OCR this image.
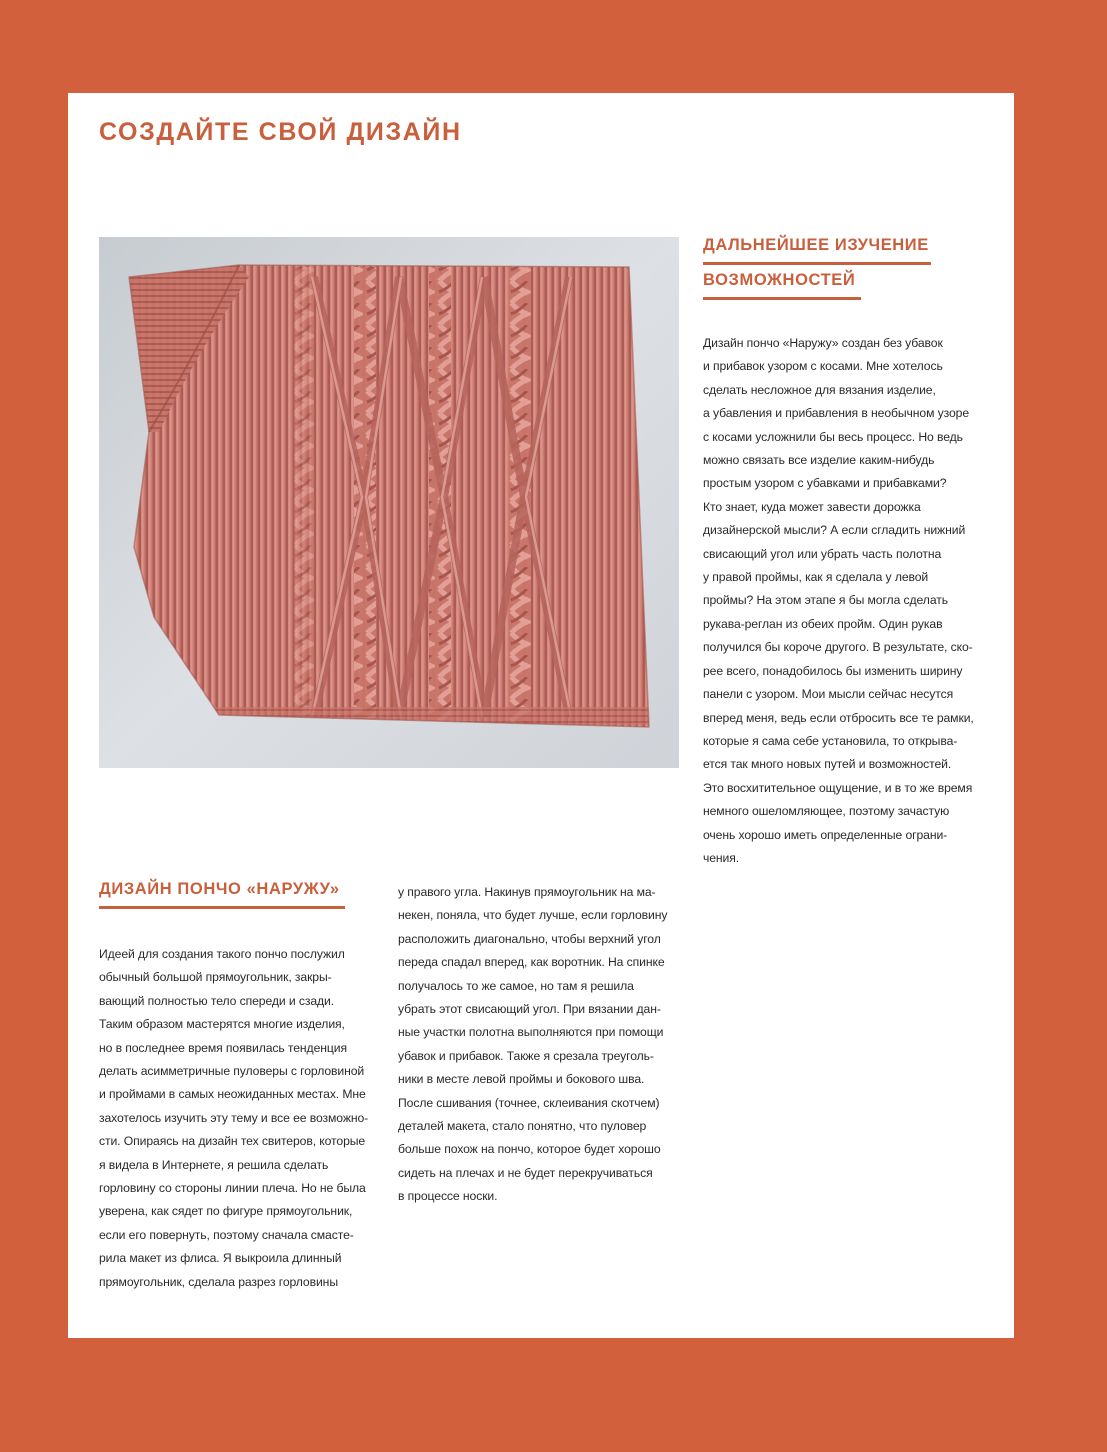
СОЗДАЙТЕ СВОЙ ДИЗАЙН
ДАЛЬНЕЙШЕЕ ИЗУЧЕНИЕ
ВОЗМОЖНОСТЕЙ

Дизайн пончо «Наружу» создан без убавок
и прибавок узором с косами. Мне хотелось
сделать несложное для вязания изделие,
а убавления и прибавления в необычном узоре
с косами усложнили бы весь процесс. Но ведь
можно связать все изделие каким-нибудь
простым узором с убавками и прибавками?
Кто знает, куда может завести дорожка
дизайнерской мысли? А если сгладить нижний
свисающий угол или убрать часть полотна
у правой проймы, как я сделала у левой
проймы? На этом этапе я бы могла сделать
рукава-реглан из обеих пройм. Один рукав
получился бы короче другого. В результате, ско-
рее всего, понадобилось бы изменить ширину
панели с узором. Мои мысли сейчас несутся
вперед меня, ведь если отбросить все те рамки,
которые я сама себе установила, то открыва-
ется так много новых путей и возможностей.
Это восхитительное ощущение, и в то же время
немного ошеломляющее, поэтому зачастую
очень хорошо иметь определенные ограни-
чения.

ДИЗАЙН ПОНЧО «НАРУЖУ»

Идеей для создания такого пончо послужил
обычный большой прямоугольник, закры-
вающий полностью тело спереди и сзади.
Таким образом мастерятся многие изделия,
но в последнее время появилась тенденция
делать асимметричные пуловеры с горловиной
и проймами в самых неожиданных местах. Мне
захотелось изучить эту тему и все ее возможно-
сти. Опираясь на дизайн тех свитеров, которые
я видела в Интернете, я решила сделать
горловину со стороны линии плеча. Но не была
уверена, как сядет по фигуре прямоугольник,
если его повернуть, поэтому сначала смасте-
рила макет из флиса. Я выкроила длинный
прямоугольник, сделала разрез горловины

у правого угла. Накинув прямоугольник на ма-
некен, поняла, что будет лучше, если горловину
расположить диагонально, чтобы верхний угол
переда спадал вперед, как воротник. На спинке
получалось то же самое, но там я решила
убрать этот свисающий угол. При вязании дан-
ные участки полотна выполняются при помощи
убавок и прибавок. Также я срезала треуголь-
ники в месте левой проймы и бокового шва.
После сшивания (точнее, склеивания скотчем)
деталей макета, стало понятно, что пуловер
больше похож на пончо, которое будет хорошо
сидеть на плечах и не будет перекручиваться
в процессе носки.
